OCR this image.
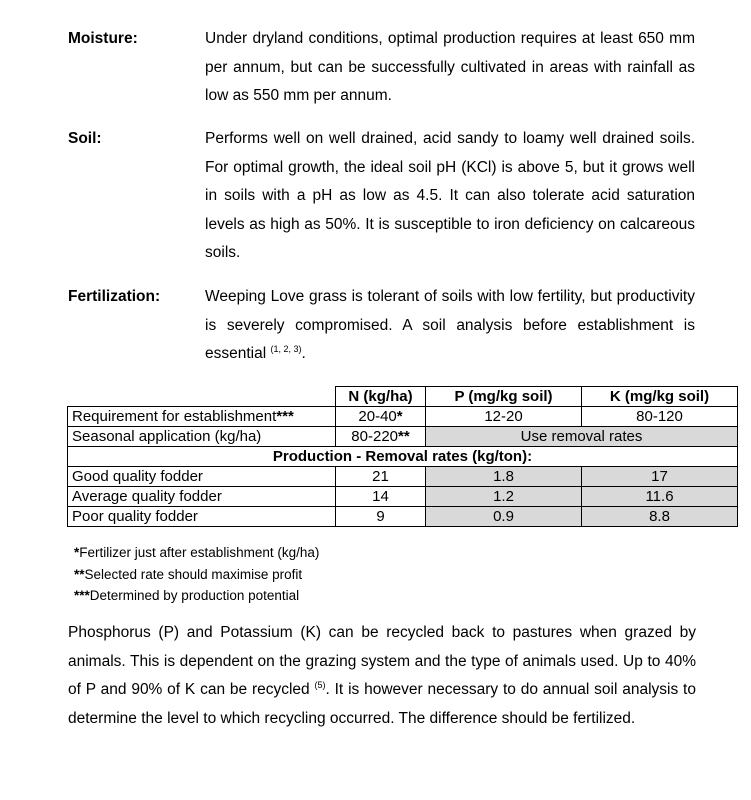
Moisture:	Under dryland conditions, optimal production requires at least 650 mm per annum, but can be successfully cultivated in areas with rainfall as low as 550 mm per annum.
Soil:	Performs well on well drained, acid sandy to loamy well drained soils. For optimal growth, the ideal soil pH (KCl) is above 5, but it grows well in soils with a pH as low as 4.5. It can also tolerate acid saturation levels as high as 50%. It is susceptible to iron deficiency on calcareous soils.
Fertilization:	Weeping Love grass is tolerant of soils with low fertility, but productivity is severely compromised. A soil analysis before establishment is essential $^{(1, 2, 3)}$.
	N (kg/ha)	P (mg/kg soil)	K (mg/kg soil)
Requirement for establishment***	20-40*	12-20	80-120
Seasonal application (kg/ha)	80-220**	Use removal rates	
Production - Removal rates (kg/ton):			
Good quality fodder	21	1.8	17
Average quality fodder	14	1.2	11.6
Poor quality fodder	9	0.9	8.8
*Fertilizer just after establishment (kg/ha)
**Selected rate should maximise profit
***Determined by production potential
Phosphorus (P) and Potassium (K) can be recycled back to pastures when grazed by animals. This is dependent on the grazing system and the type of animals used. Up to 40% of P and 90% of K can be recycled $^{(5)}$. It is however necessary to do annual soil analysis to determine the level to which recycling occurred. The difference should be fertilized.
